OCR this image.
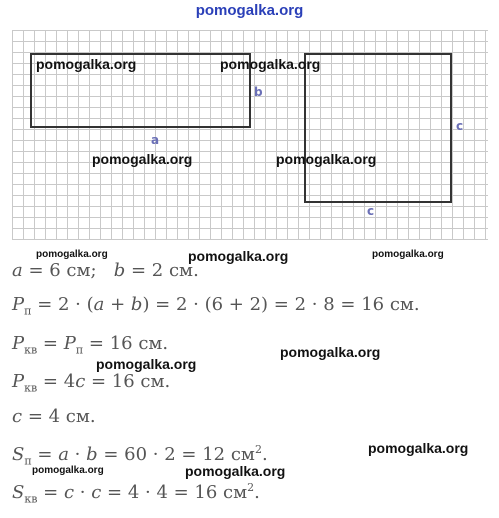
pomogalka.org
a
b
c
c
pomogalka.org	pomogalka.org
pomogalka.org	pomogalka.org
a = 6 см;   b = 2 см.
$P_п = 2 \cdot (a + b) = 2 \cdot (6 + 2) = 2 \cdot 8 = 16$ см.
$P_{кв} = P_п = 16$ см.
$P_{кв} = 4c = 16$ см.
c = 4 см.
$S_п = a \cdot b = 60 \cdot 2 = 12$ $см^2$.
$S_{кв} = c \cdot c = 4 \cdot 4 = 16$ $см^2$.
pomogalka.org	pomogalka.org	pomogalka.org
pomogalka.org
pomogalka.org
pomogalka.org
pomogalka.org	pomogalka.org
